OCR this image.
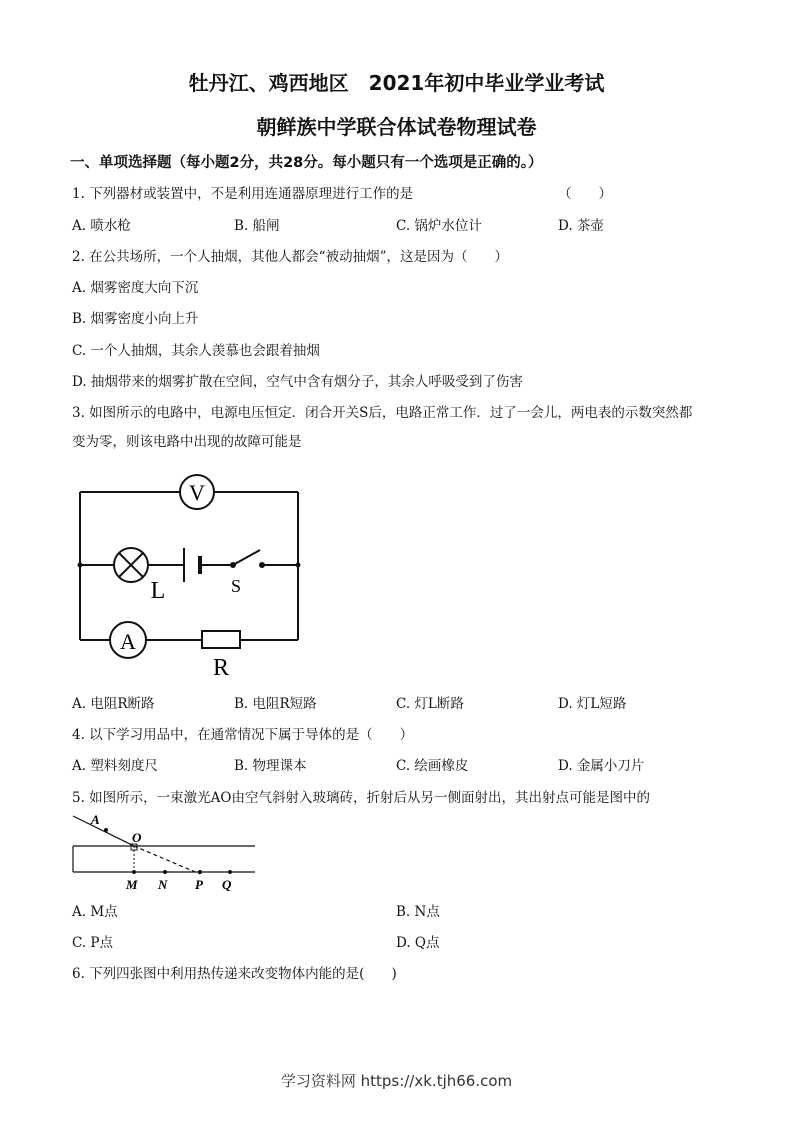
牡丹江、鸡西地区　2021年初中毕业学业考试
朝鲜族中学联合体试卷物理试卷
一、单项选择题（每小题2分，共28分。每小题只有一个选项是正确的。）
1. 下列器材或装置中，不是利用连通器原理进行工作的是	（　　）
A. 喷水枪	B. 船闸	C. 锅炉水位计	D. 茶壶
2. 在公共场所，一个人抽烟，其他人都会“被动抽烟”，这是因为（　　）
A. 烟雾密度大向下沉
B. 烟雾密度小向上升
C. 一个人抽烟，其余人羡慕也会跟着抽烟
D. 抽烟带来的烟雾扩散在空间，空气中含有烟分子，其余人呼吸受到了伤害
3. 如图所示的电路中，电源电压恒定．闭合开关S后，电路正常工作．过了一会儿，两电表的示数突然都
变为零，则该电路中出现的故障可能是
V
L	S
A
R
A. 电阻R断路	B. 电阻R短路	C. 灯L断路	D. 灯L短路
4. 以下学习用品中，在通常情况下属于导体的是（　　）
A. 塑料刻度尺	B. 物理课本	C. 绘画橡皮	D. 金属小刀片
5. 如图所示，一束激光AO由空气斜射入玻璃砖，折射后从另一侧面射出，其出射点可能是图中的
A
O
M N P Q
A. M点	B. N点
C. P点	D. Q点
6. 下列四张图中利用热传递来改变物体内能的是(　　)
学习资料网 https://xk.tjh66.com
